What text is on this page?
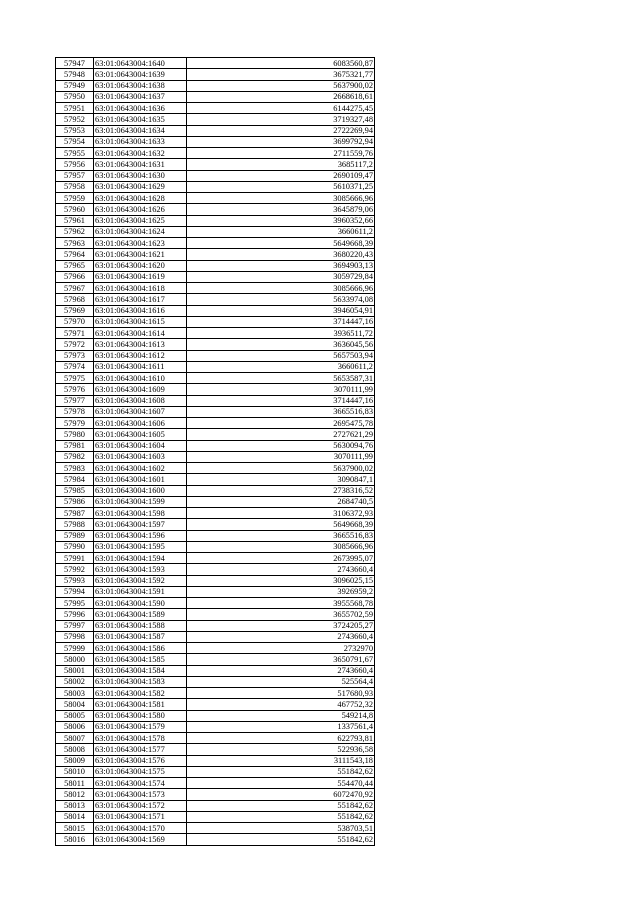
57947	63:01:0643004:1640	6083560,87
57948	63:01:0643004:1639	3675321,77
57949	63:01:0643004:1638	5637900,02
57950	63:01:0643004:1637	2668618,61
57951	63:01:0643004:1636	6144275,45
57952	63:01:0643004:1635	3719327,48
57953	63:01:0643004:1634	2722269,94
57954	63:01:0643004:1633	3699792,94
57955	63:01:0643004:1632	2711559,76
57956	63:01:0643004:1631	3685117,2
57957	63:01:0643004:1630	2690109,47
57958	63:01:0643004:1629	5610371,25
57959	63:01:0643004:1628	3085666,96
57960	63:01:0643004:1626	3645879,06
57961	63:01:0643004:1625	3960352,66
57962	63:01:0643004:1624	3660611,2
57963	63:01:0643004:1623	5649668,39
57964	63:01:0643004:1621	3680220,43
57965	63:01:0643004:1620	3694903,13
57966	63:01:0643004:1619	3059729,84
57967	63:01:0643004:1618	3085666,96
57968	63:01:0643004:1617	5633974,08
57969	63:01:0643004:1616	3946054,91
57970	63:01:0643004:1615	3714447,16
57971	63:01:0643004:1614	3936511,72
57972	63:01:0643004:1613	3636045,56
57973	63:01:0643004:1612	5657503,94
57974	63:01:0643004:1611	3660611,2
57975	63:01:0643004:1610	5653587,31
57976	63:01:0643004:1609	3070111,99
57977	63:01:0643004:1608	3714447,16
57978	63:01:0643004:1607	3665516,83
57979	63:01:0643004:1606	2695475,78
57980	63:01:0643004:1605	2727621,29
57981	63:01:0643004:1604	5630094,76
57982	63:01:0643004:1603	3070111,99
57983	63:01:0643004:1602	5637900,02
57984	63:01:0643004:1601	3090847,1
57985	63:01:0643004:1600	2738316,52
57986	63:01:0643004:1599	2684740,5
57987	63:01:0643004:1598	3106372,93
57988	63:01:0643004:1597	5649668,39
57989	63:01:0643004:1596	3665516,83
57990	63:01:0643004:1595	3085666,96
57991	63:01:0643004:1594	2673995,07
57992	63:01:0643004:1593	2743660,4
57993	63:01:0643004:1592	3096025,15
57994	63:01:0643004:1591	3926959,2
57995	63:01:0643004:1590	3955568,78
57996	63:01:0643004:1589	3655702,59
57997	63:01:0643004:1588	3724205,27
57998	63:01:0643004:1587	2743660,4
57999	63:01:0643004:1586	2732970
58000	63:01:0643004:1585	3650791,67
58001	63:01:0643004:1584	2743660,4
58002	63:01:0643004:1583	525564,4
58003	63:01:0643004:1582	517680,93
58004	63:01:0643004:1581	467752,32
58005	63:01:0643004:1580	549214,8
58006	63:01:0643004:1579	1337561,4
58007	63:01:0643004:1578	622793,81
58008	63:01:0643004:1577	522936,58
58009	63:01:0643004:1576	3111543,18
58010	63:01:0643004:1575	551842,62
58011	63:01:0643004:1574	554470,44
58012	63:01:0643004:1573	6072470,92
58013	63:01:0643004:1572	551842,62
58014	63:01:0643004:1571	551842,62
58015	63:01:0643004:1570	538703,51
58016	63:01:0643004:1569	551842,62
